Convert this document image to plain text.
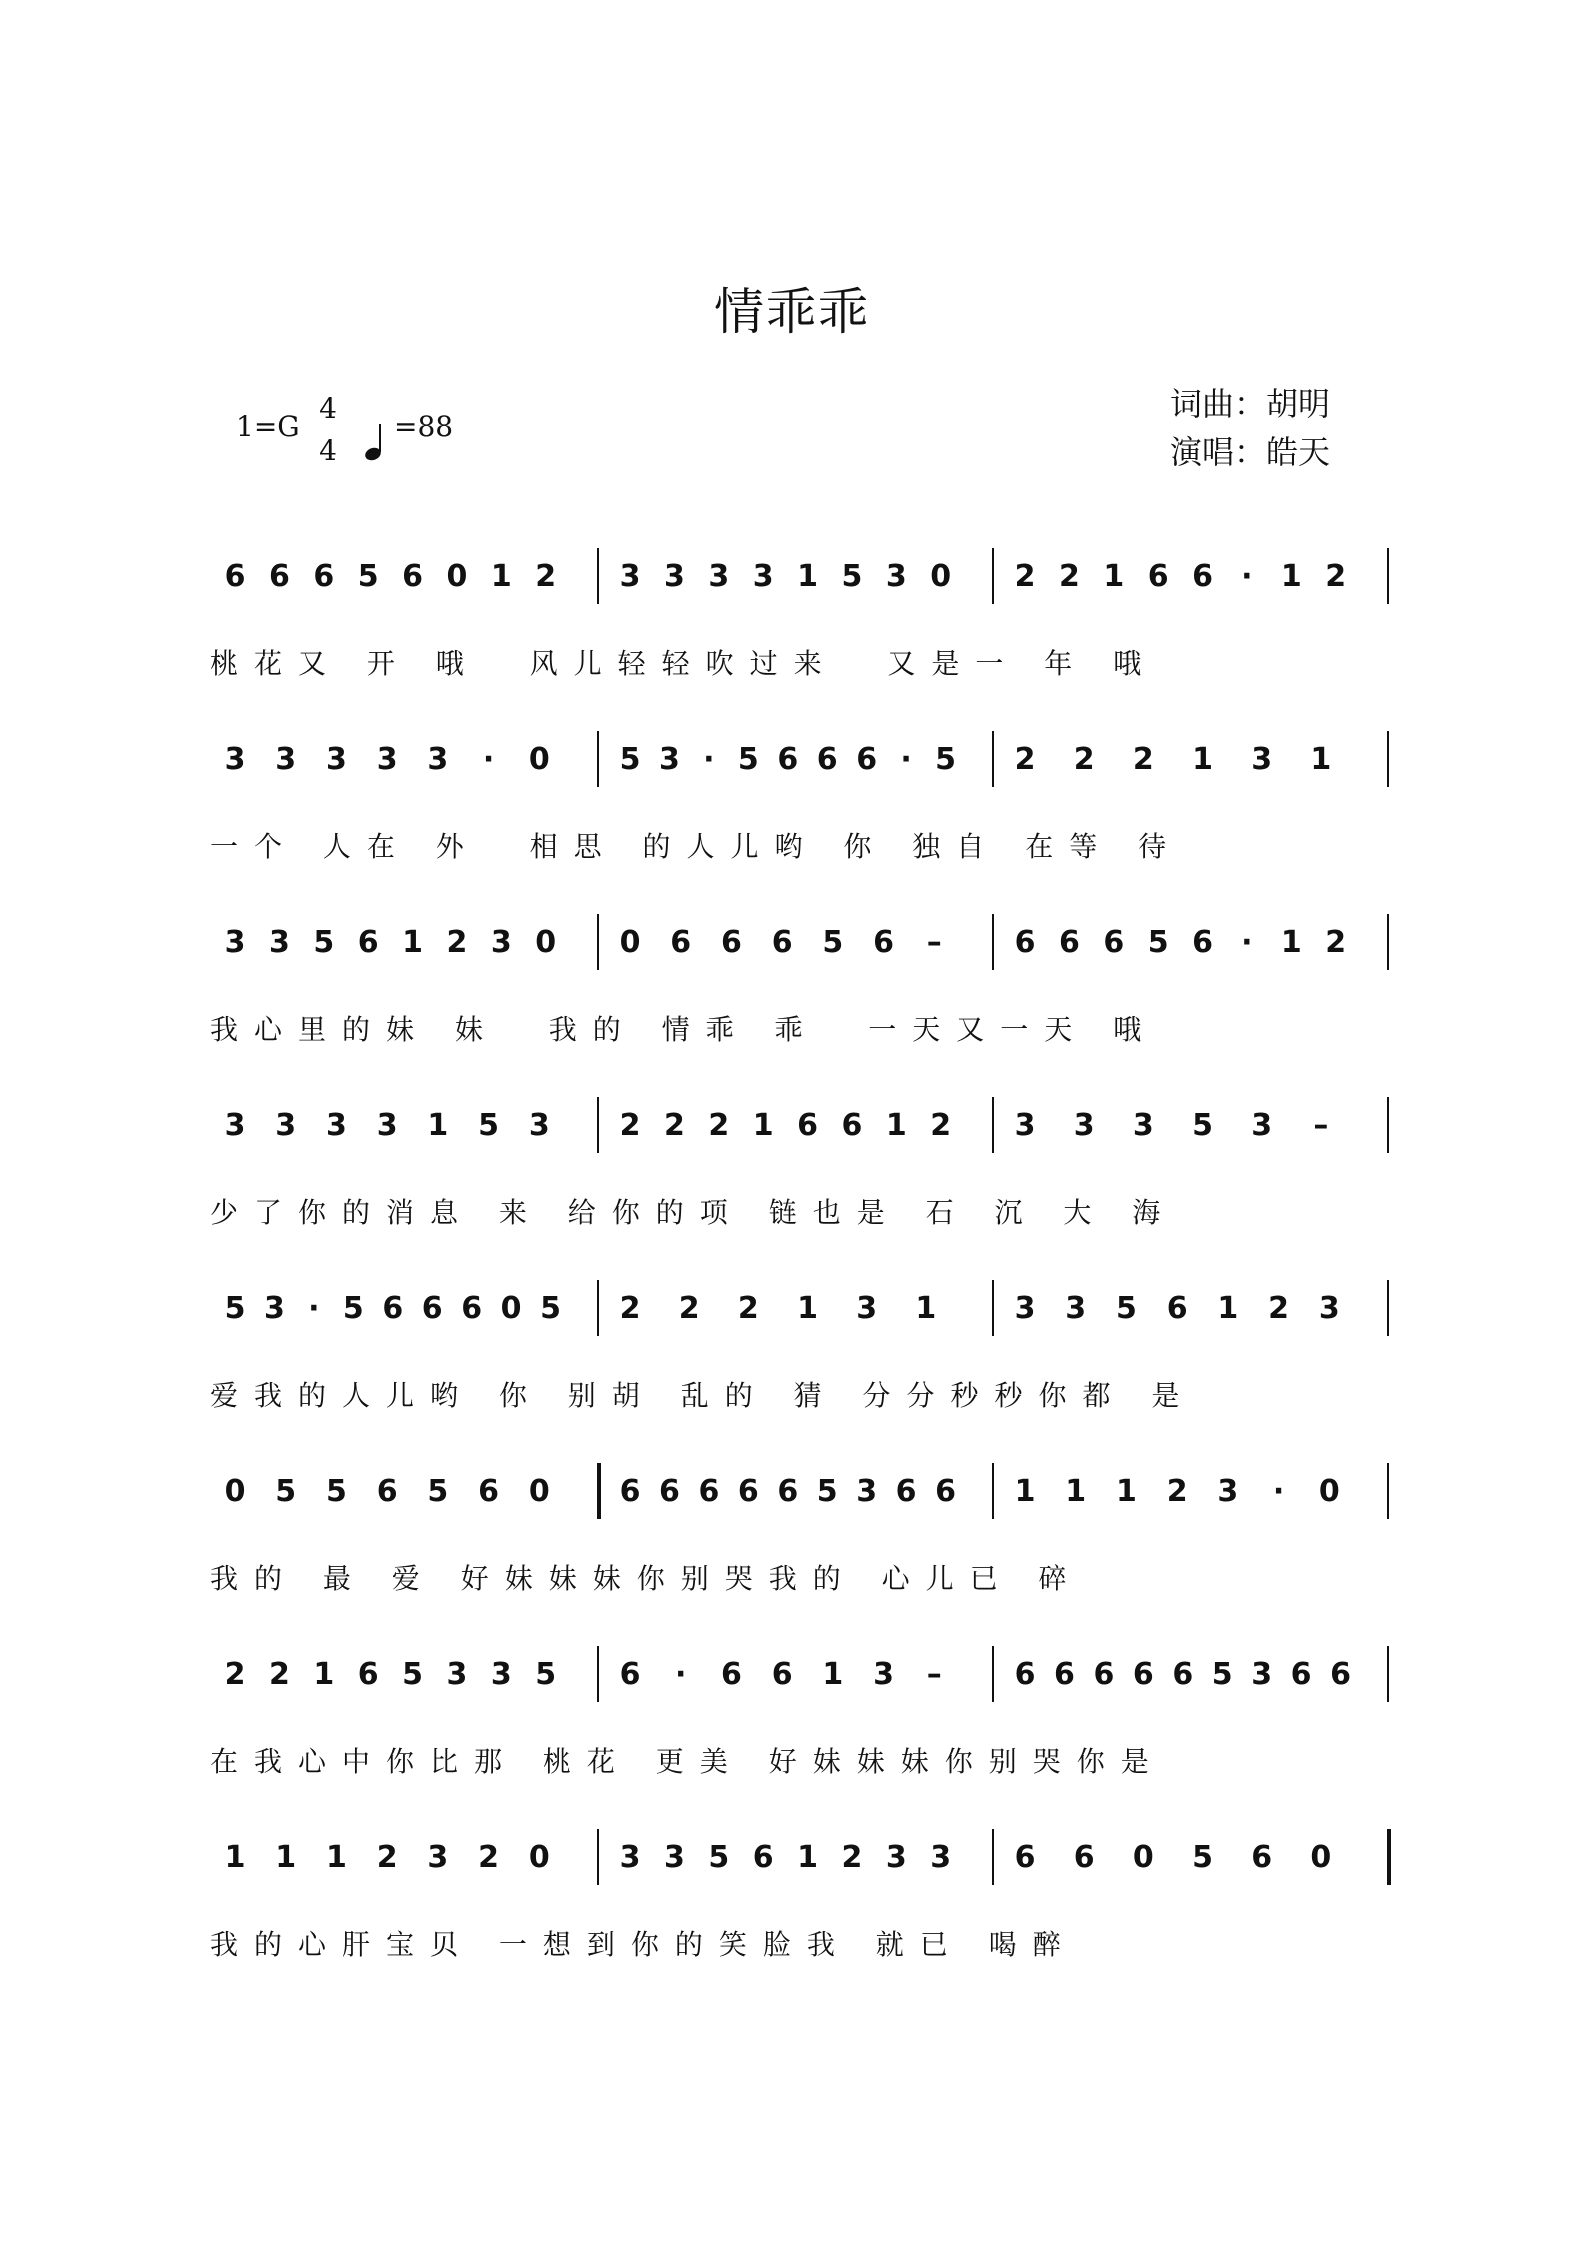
情乖乖
1=G
4
4
=88
词曲：胡明
演唱：皓天
6 6 6 5 6 0 1 2 3 3 3 3 1 5 3 0 2 2 1 6 6 · 1 2
桃花又 开 哦  风儿轻轻吹过来  又是一 年 哦
3 3 3 3 3	·	0 5 3 · 5 6 6 6 · 5 2 2 2 1 3 1
一个 人在 外  相思 的人儿哟 你 独自 在等 待
3 3 5 6 1 2 3 0 0 6 6 6 5 6 – 6 6 6 5 6 · 1 2
我心里的妹 妹  我的 情乖 乖  一天又一天 哦
3 3 3 3 1 5 3 2 2 2 1 6 6 1 2 3 3 3 5 3 –
少了你的消息 来 给你的项 链也是 石 沉 大 海
5 3 · 5 6 6 6 0 5 2 2 2 1 3 1	3 3 5 6 1 2 3
爱我的人儿哟 你 别胡 乱的 猜 分分秒秒你都 是
0 5 5 6 5 6 0 6 6 6 6 6 5 3 6 6 1 1 1 2 3	·	0
我的 最 爱 好妹妹妹你别哭我的 心儿已 碎
2 2 1 6 5 3 3 5 6	·	6 6 1 3 – 6 6 6 6 6 5 3 6 6
在我心中你比那 桃花 更美 好妹妹妹你别哭你是
1 1 1 2 3 2 0 3 3 5 6 1 2 3 3 6 6 0 5 6 0
我的心肝宝贝 一想到你的笑脸我 就已 喝醉
